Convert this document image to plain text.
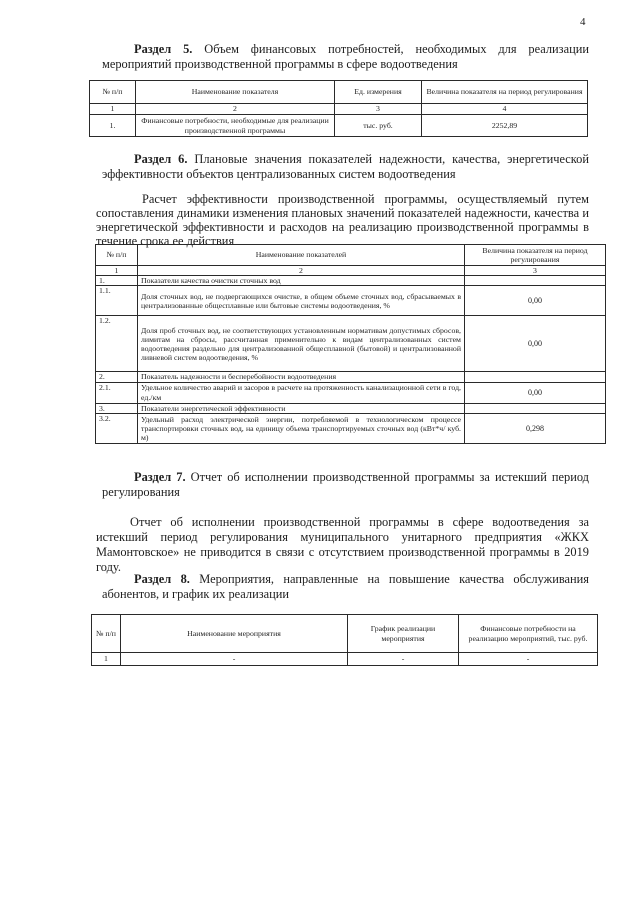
4
Раздел 5. Объем финансовых потребностей, необходимых для реализации мероприятий производственной программы в сфере водоотведения
№ п/п	Наименование показателя	Ед. измерения	Величина показателя на период регулирования
1	2	3	4
1.	Финансовые потребности, необходимые для реализации производственной программы	тыс. руб.	2252,89
Раздел 6. Плановые значения показателей надежности, качества, энергетической эффективности объектов централизованных систем водоотведения
Расчет эффективности производственной программы, осуществляемый путем сопоставления динамики изменения плановых значений показателей надежности, качества и энергетической эффективности и расходов на реализацию производственной программы в течение срока ее действия
№ п/п	Наименование показателей	Величина показателя на период регулирования
1	2	3
1.	Показатели качества очистки сточных вод	
1.1.	Доля сточных вод, не подвергающихся очистке, в общем объеме сточных вод, сбрасываемых в централизованные общесплавные или бытовые системы водоотведения, %	0,00
1.2.	Доля проб сточных вод, не соответствующих установленным нормативам допустимых сбросов, лимитам на сбросы, рассчитанная применительно к видам централизованных систем водоотведения раздельно для централизованной общесплавной (бытовой) и централизованной ливневой систем водоотведения, %	0,00
2.	Показатель надежности и бесперебойности водоотведения	
2.1.	Удельное количество аварий и засоров в расчете на протяженность канализационной сети в год, ед./км	0,00
3.	Показатели энергетической эффективности	
3.2.	Удельный расход электрической энергии, потребляемой в технологическом процессе транспортировки сточных вод, на единицу объема транспортируемых сточных вод (кВт*ч/ куб. м)	0,298
Раздел 7. Отчет об исполнении производственной программы за истекший период регулирования
Отчет об исполнении производственной программы в сфере водоотведения за истекший период регулирования муниципального унитарного предприятия «ЖКХ Мамонтовское» не приводится в связи с отсутствием производственной программы в 2019 году.
Раздел 8. Мероприятия, направленные на повышение качества обслуживания абонентов, и график их реализации
№ п/п	Наименование мероприятия	График реализации мероприятия	Финансовые потребности на реализацию мероприятий, тыс. руб.
1	-	-	-
